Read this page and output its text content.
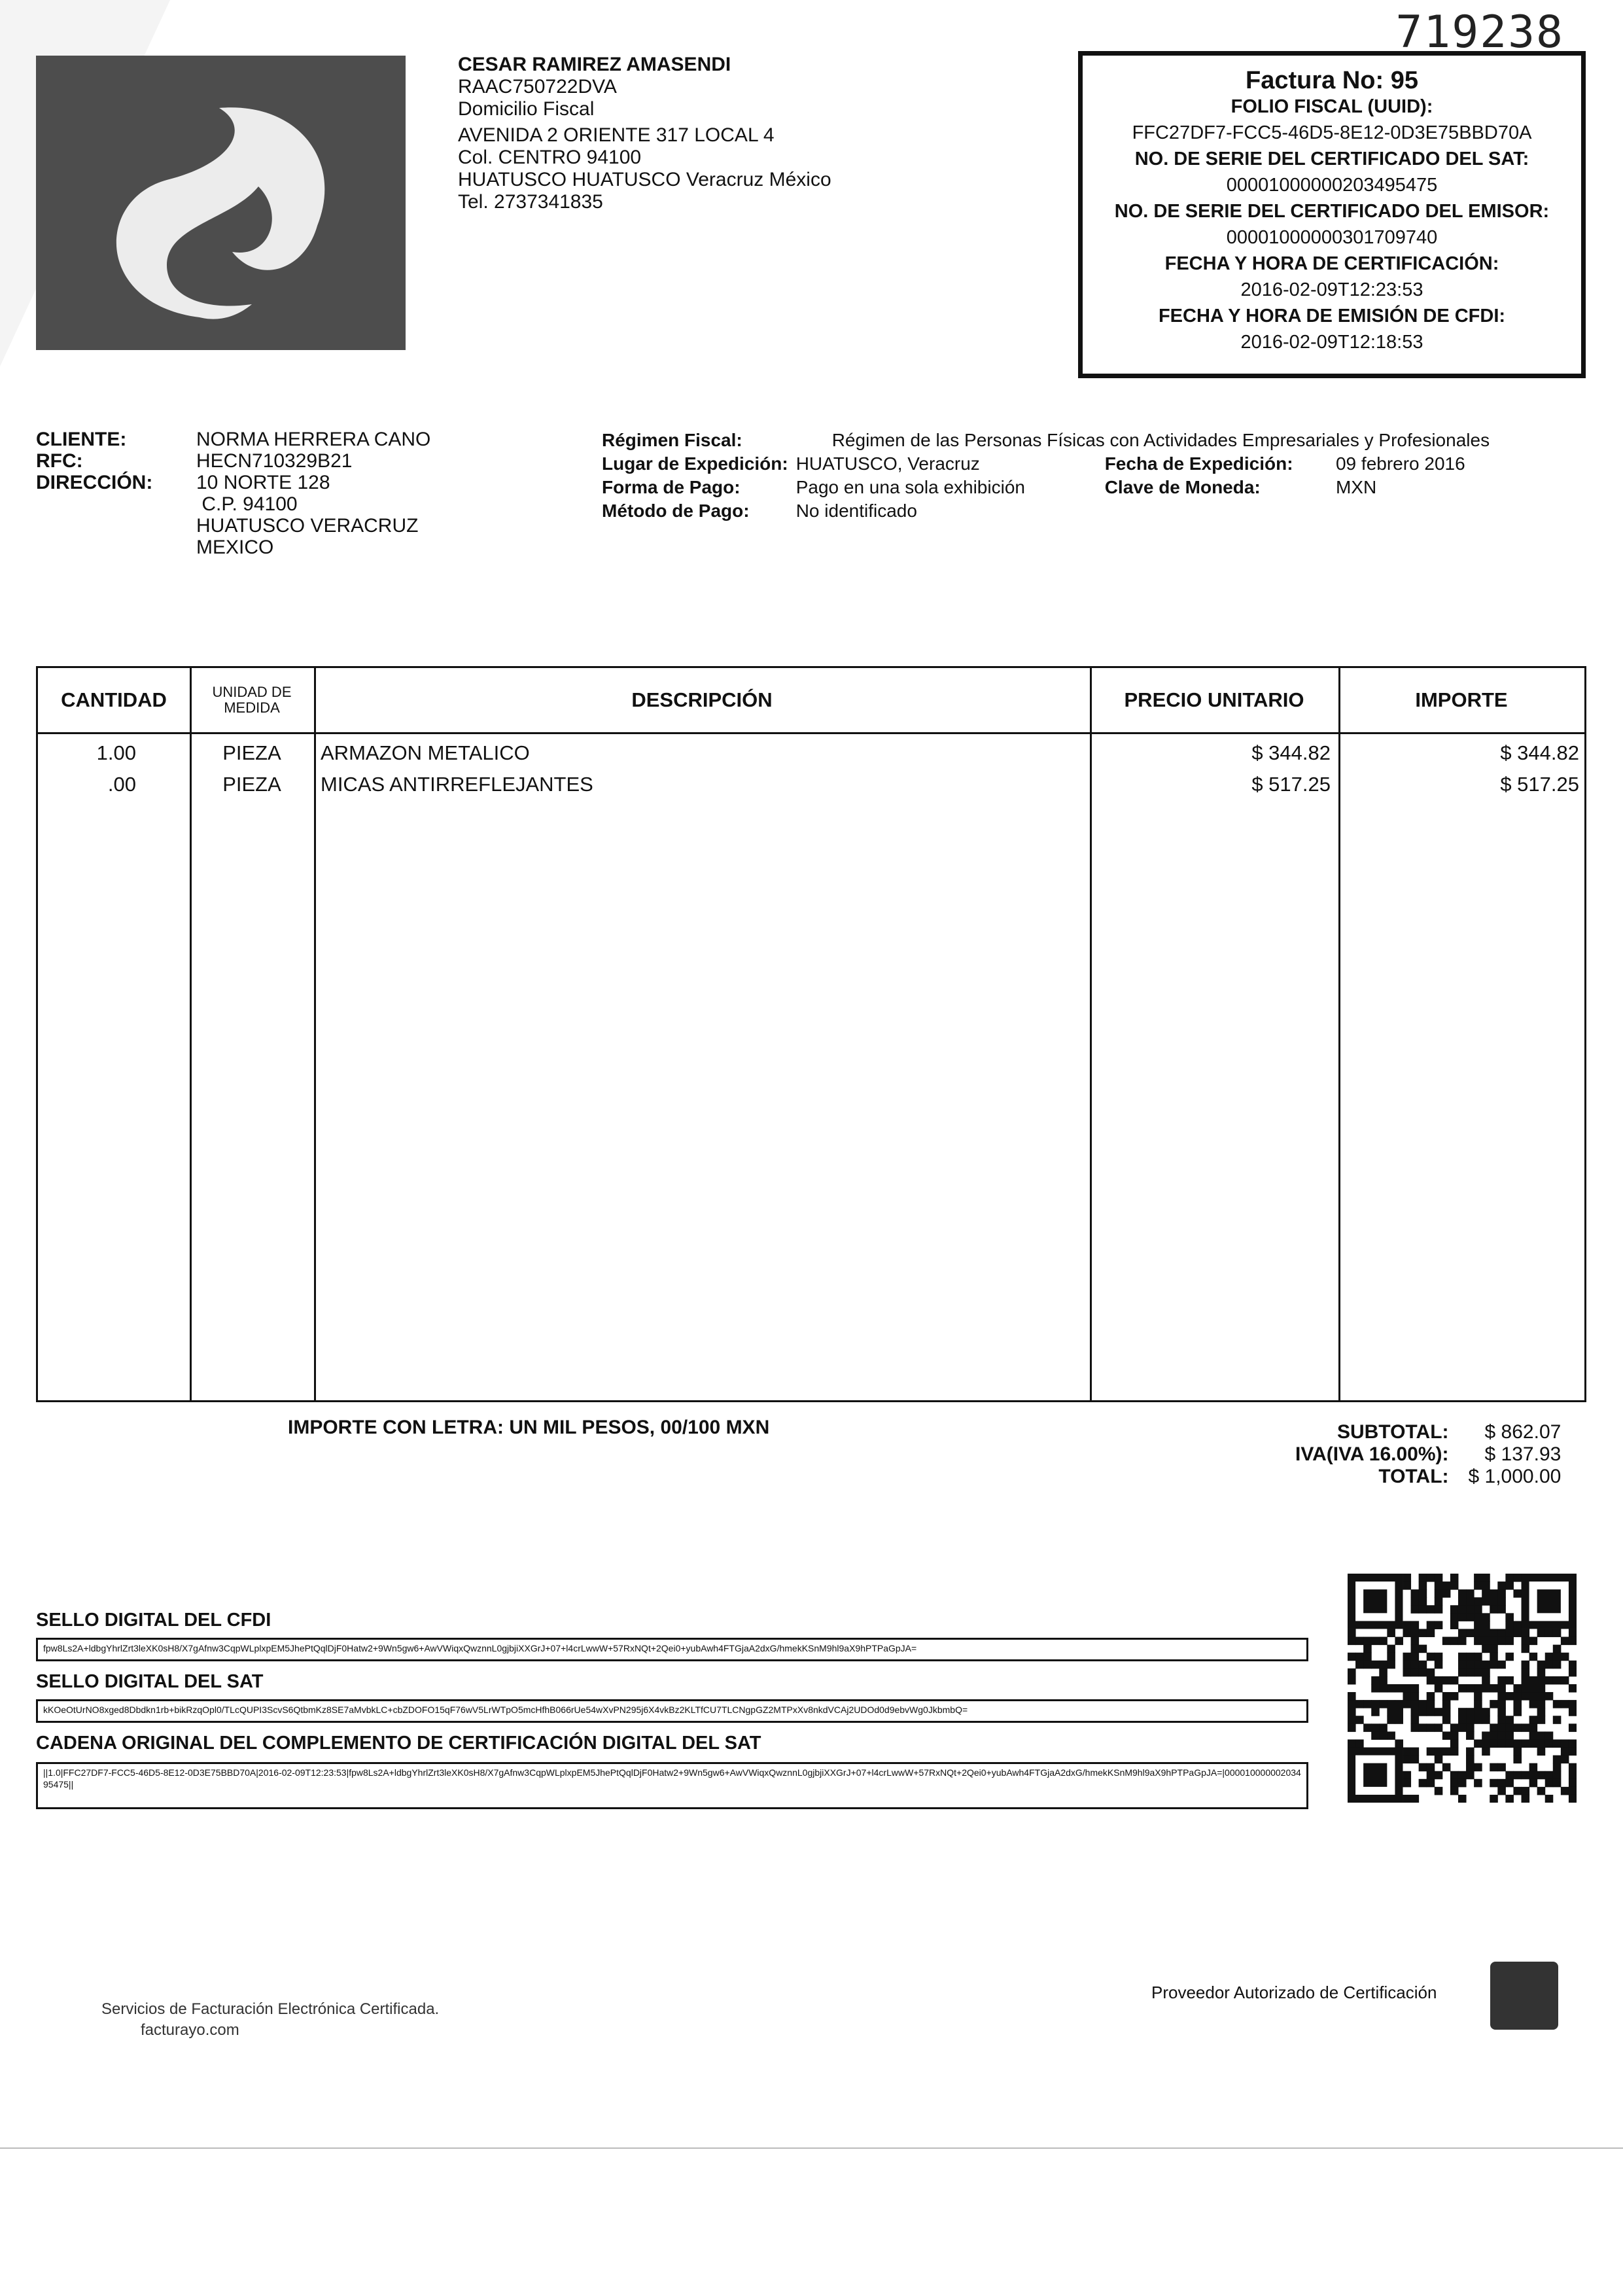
719238
CESAR RAMIREZ AMASENDI
RAAC750722DVA
Domicilio Fiscal
AVENIDA 2 ORIENTE 317 LOCAL 4
Col. CENTRO 94100
HUATUSCO HUATUSCO Veracruz México
Tel. 2737341835
Factura No: 95
FOLIO FISCAL (UUID):
FFC27DF7-FCC5-46D5-8E12-0D3E75BBD70A
NO. DE SERIE DEL CERTIFICADO DEL SAT:
00001000000203495475
NO. DE SERIE DEL CERTIFICADO DEL EMISOR:
00001000000301709740
FECHA Y HORA DE CERTIFICACIÓN:
2016-02-09T12:23:53
FECHA Y HORA DE EMISIÓN DE CFDI:
2016-02-09T12:18:53
CLIENTE:	NORMA HERRERA CANO
RFC:	HECN710329B21
DIRECCIÓN:	10 NORTE 128
C.P. 94100
HUATUSCO VERACRUZ
MEXICO
Régimen Fiscal:	Régimen de las Personas Físicas con Actividades Empresariales y Profesionales		
Lugar de Expedición:	HUATUSCO, Veracruz	Fecha de Expedición:	09 febrero 2016
Forma de Pago:	Pago en una sola exhibición	Clave de Moneda:	MXN
Método de Pago:	No identificado		
CANTIDAD	UNIDAD DE MEDIDA	DESCRIPCIÓN	PRECIO UNITARIO	IMPORTE
1.00	PIEZA	ARMAZON METALICO	$ 344.82	$ 344.82
.00	PIEZA	MICAS ANTIRREFLEJANTES	$ 517.25	$ 517.25
IMPORTE CON LETRA: UN MIL PESOS, 00/100 MXN	SUBTOTAL:	$ 862.07
IVA(IVA 16.00%):	$ 137.93
TOTAL:	$ 1,000.00
SELLO DIGITAL DEL CFDI
fpw8Ls2A+ldbgYhrlZrt3leXK0sH8/X7gAfnw3CqpWLplxpEM5JhePtQqlDjF0Hatw2+9Wn5gw6+AwVWiqxQwznnL0gjbjiXXGrJ+07+l4crLwwW+57RxNQt+2Qei0+yubAwh4FTGjaA2dxG/hmekKSnM9hl9aX9hPTPaGpJA=
SELLO DIGITAL DEL SAT
kKOeOtUrNO8xged8Dbdkn1rb+bikRzqOpl0/TLcQUPI3ScvS6QtbmKz8SE7aMvbkLC+cbZDOFO15qF76wV5LrWTpO5mcHfhB066rUe54wXvPN295j6X4vkBz2KLTfCU7TLCNgpGZ2MTPxXv8nkdVCAj2UDOd0d9ebvWg0JkbmbQ=
CADENA ORIGINAL DEL COMPLEMENTO DE CERTIFICACIÓN DIGITAL DEL SAT
||1.0|FFC27DF7-FCC5-46D5-8E12-0D3E75BBD70A|2016-02-09T12:23:53|fpw8Ls2A+ldbgYhrlZrt3leXK0sH8/X7gAfnw3CqpWLplxpEM5JhePtQqlDjF0Hatw2+9Wn5gw6+AwVWiqxQwznnL0gjbjiXXGrJ+07+l4crLwwW+57RxNQt+2Qei0+yubAwh4FTGjaA2dxG/hmekKSnM9hl9aX9hPTPaGpJA=|00001000000203495475||
Proveedor Autorizado de Certificación
Servicios de Facturación Electrónica Certificada.
facturayo.com
